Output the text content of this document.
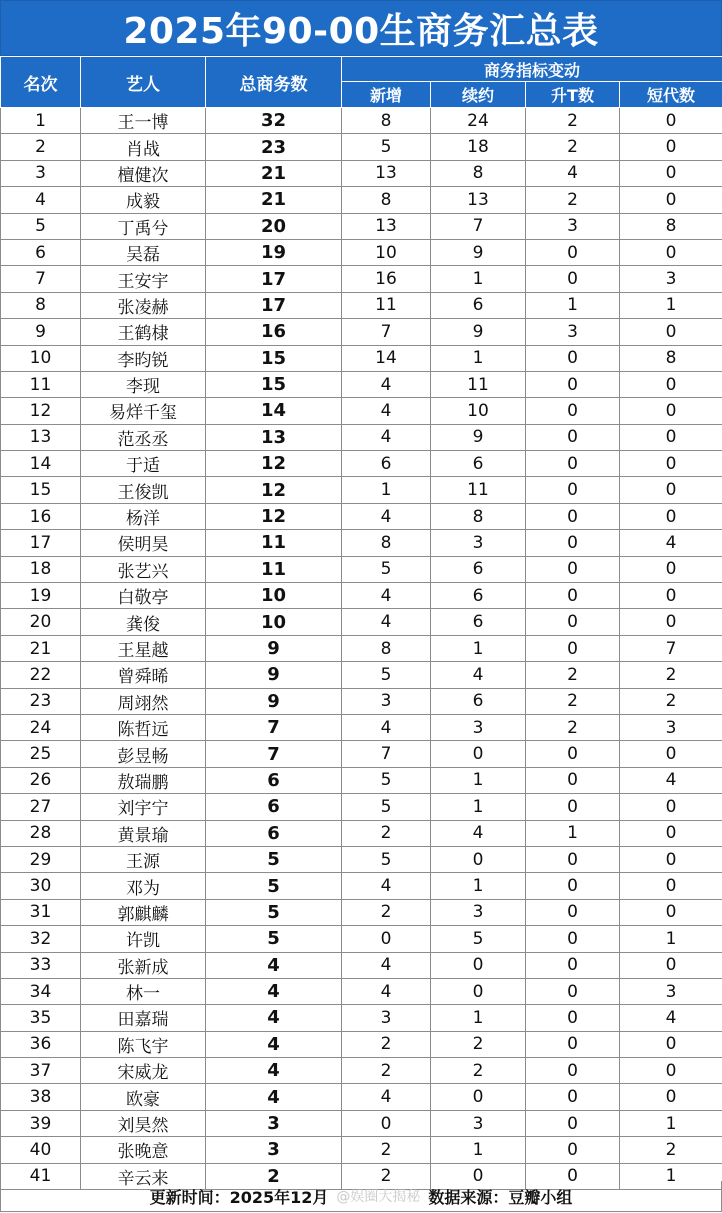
2025年90-00生商务汇总表
名次	艺人	总商务数	商务指标变动			
			新增	续约	升T数	短代数
1	王一博	32	8	24	2	0
2	肖战	23	5	18	2	0
3	檀健次	21	13	8	4	0
4	成毅	21	8	13	2	0
5	丁禹兮	20	13	7	3	8
6	吴磊	19	10	9	0	0
7	王安宇	17	16	1	0	3
8	张凌赫	17	11	6	1	1
9	王鹤棣	16	7	9	3	0
10	李昀锐	15	14	1	0	8
11	李现	15	4	11	0	0
12	易烊千玺	14	4	10	0	0
13	范丞丞	13	4	9	0	0
14	于适	12	6	6	0	0
15	王俊凯	12	1	11	0	0
16	杨洋	12	4	8	0	0
17	侯明昊	11	8	3	0	4
18	张艺兴	11	5	6	0	0
19	白敬亭	10	4	6	0	0
20	龚俊	10	4	6	0	0
21	王星越	9	8	1	0	7
22	曾舜晞	9	5	4	2	2
23	周翊然	9	3	6	2	2
24	陈哲远	7	4	3	2	3
25	彭昱畅	7	7	0	0	0
26	敖瑞鹏	6	5	1	0	4
27	刘宇宁	6	5	1	0	0
28	黄景瑜	6	2	4	1	0
29	王源	5	5	0	0	0
30	邓为	5	4	1	0	0
31	郭麒麟	5	2	3	0	0
32	许凯	5	0	5	0	1
33	张新成	4	4	0	0	0
34	林一	4	4	0	0	3
35	田嘉瑞	4	3	1	0	4
36	陈飞宇	4	2	2	0	0
37	宋威龙	4	2	2	0	0
38	欧豪	4	4	0	0	0
39	刘昊然	3	0	3	0	1
40	张晚意	3	2	1	0	2
41	辛云来	2	2	0	0	1
更新时间：2025年12月 @娱圈大揭秘 数据来源：豆瓣小组
